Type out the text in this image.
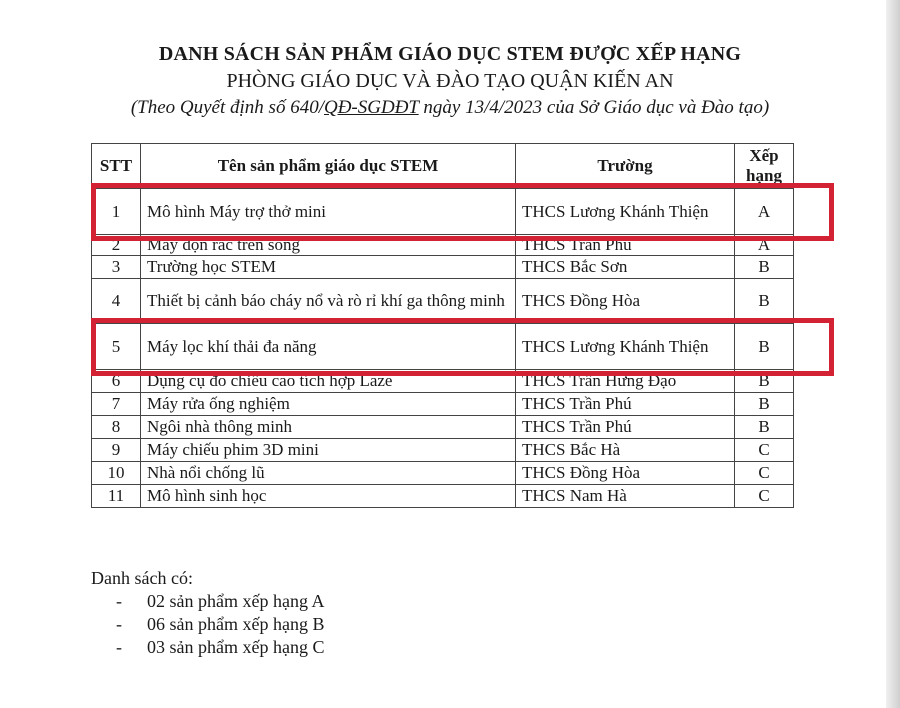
DANH SÁCH SẢN PHẨM GIÁO DỤC STEM ĐƯỢC XẾP HẠNG
PHÒNG GIÁO DỤC VÀ ĐÀO TẠO QUẬN KIẾN AN
(Theo Quyết định số 640/QĐ-SGDĐT ngày 13/4/2023 của Sở Giáo dục và Đào tạo)
STT	Tên sản phẩm giáo dục STEM	Trường	Xếp hạng
1	Mô hình Máy trợ thở mini	THCS Lương Khánh Thiện	A
2	Máy dọn rác trên sông	THCS Trần Phú	A
3	Trường học STEM	THCS Bắc Sơn	B
4	Thiết bị cảnh báo cháy nổ và rò rỉ khí ga thông minh	THCS Đồng Hòa	B
5	Máy lọc khí thải đa năng	THCS Lương Khánh Thiện	B
6	Dụng cụ đo chiều cao tích hợp Laze	THCS Trần Hưng Đạo	B
7	Máy rửa ống nghiệm	THCS Trần Phú	B
8	Ngôi nhà thông minh	THCS Trần Phú	B
9	Máy chiếu phim 3D mini	THCS Bắc Hà	C
10	Nhà nổi chống lũ	THCS Đồng Hòa	C
11	Mô hình sinh học	THCS Nam Hà	C
Danh sách có:
- 02 sản phẩm xếp hạng A
- 06 sản phẩm xếp hạng B
- 03 sản phẩm xếp hạng C
